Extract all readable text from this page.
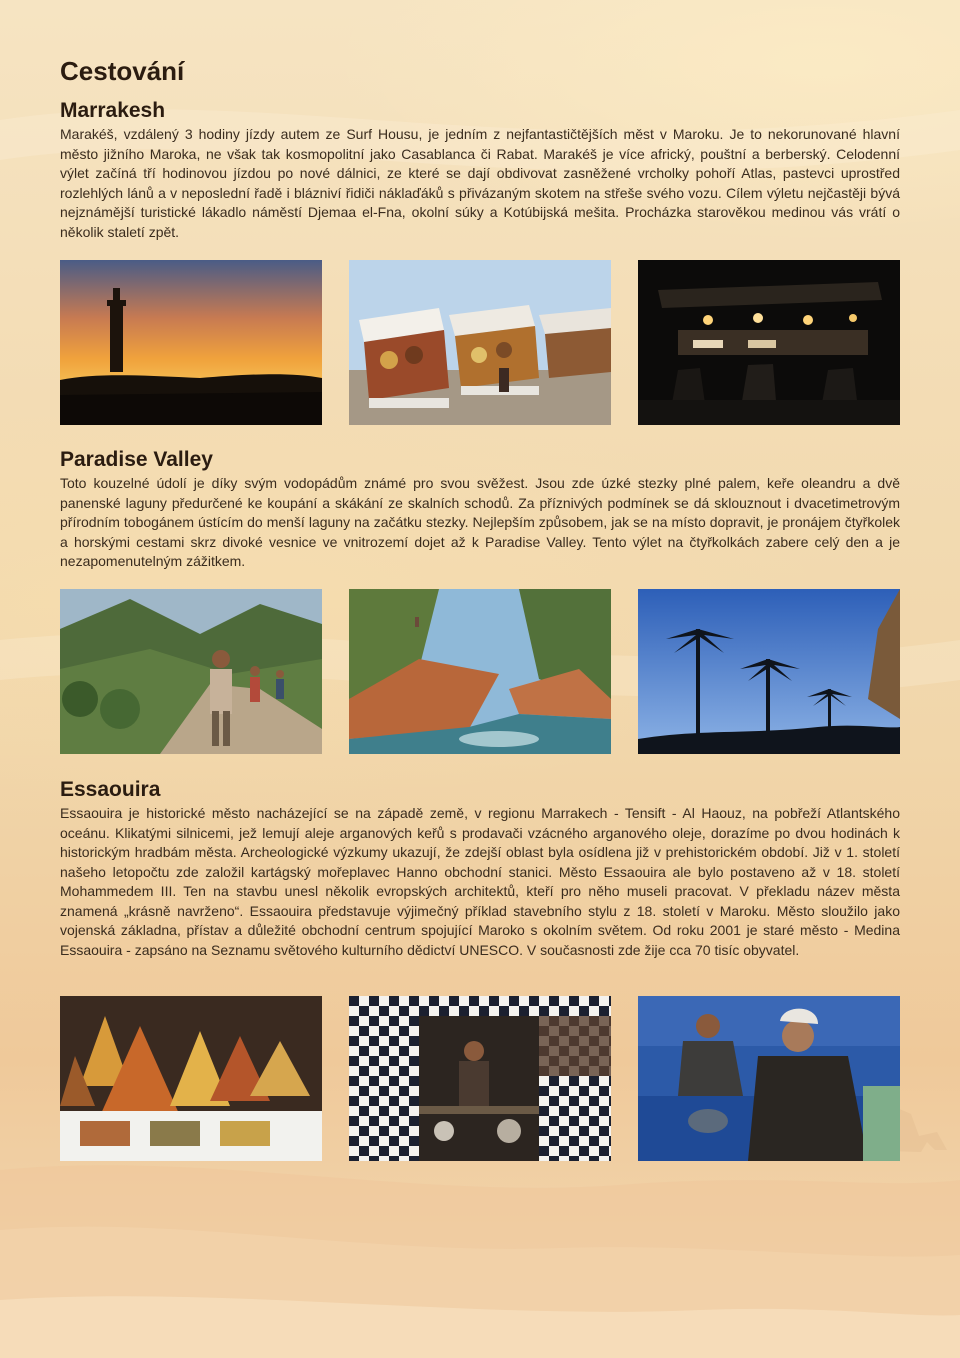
Cestování
Marrakesh

Marakéš, vzdálený 3 hodiny jízdy autem ze Surf Housu, je jedním z nejfantastičtějších měst v Maroku. Je to nekorunované hlavní město jižního Maroka, ne však tak kosmopolitní jako Casablanca či Rabat. Marakéš je více africký, pouštní a berberský. Celodenní výlet začíná tří hodinovou jízdou po nové dálnici, ze které se dají obdivovat zasněžené vrcholky pohoří Atlas, pastevci uprostřed rozlehlých lánů a v neposlední řadě i blázniví řidiči náklaďáků s přivázaným skotem na střeše svého vozu. Cílem výletu nejčastěji bývá nejznámější turistické lákadlo náměstí Djemaa el-Fna, okolní súky a Kotúbijská mešita. Procházka starověkou medinou vás vrátí o několik staletí zpět.

Paradise Valley

Toto kouzelné údolí je díky svým vodopádům známé pro svou svěžest. Jsou zde úzké stezky plné palem, keře oleandru a dvě panenské laguny předurčené ke koupání a skákání ze skalních schodů. Za příznivých podmínek se dá sklouznout i dvacetimetrovým přírodním tobogánem ústícím do menší laguny na začátku stezky. Nejlepším způsobem, jak se na místo dopravit, je pronájem čtyřkolek a horskými cestami skrz divoké vesnice ve vnitrozemí dojet až k Paradise Valley. Tento výlet na čtyřkolkách zabere celý den a je nezapomenutelným zážitkem.

Essaouira

Essaouira je historické město nacházející se na západě země, v regionu Marrakech - Tensift - Al Haouz, na pobřeží Atlantského oceánu. Klikatými silnicemi, jež lemují aleje arganových keřů s prodavači vzácného arganového oleje, dorazíme po dvou hodinách k historickým hradbám města. Archeologické výzkumy ukazují, že zdejší oblast byla osídlena již v prehistorickém období. Již v 1. století našeho letopočtu zde založil kartágský mořeplavec Hanno obchodní stanici. Město Essaouira ale bylo postaveno až v 18. století Mohammedem III. Ten na stavbu unesl několik evropských architektů, kteří pro něho museli pracovat. V překladu název města znamená „krásně navrženo“. Essaouira představuje výjimečný příklad stavebního stylu z 18. století v Maroku. Město sloužilo jako vojenská základna, přístav a důležité obchodní centrum spojující Maroko s okolním světem. Od roku 2001 je staré město - Medina Essaouira - zapsáno na Seznamu světového kulturního dědictví UNESCO. V současnosti zde žije cca 70 tisíc obyvatel.
